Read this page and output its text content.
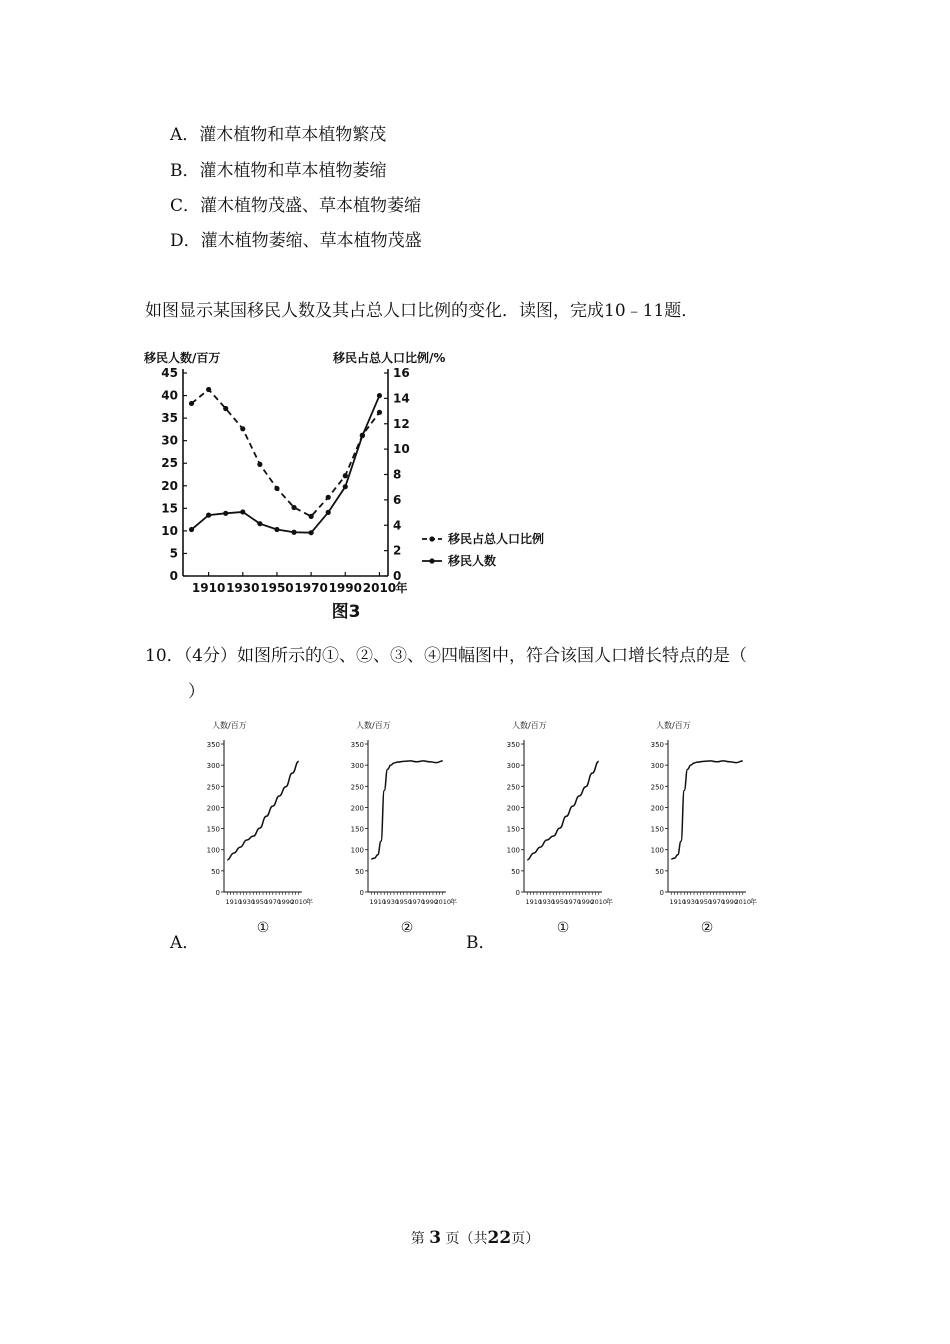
A．灌木植物和草本植物繁茂
B．灌木植物和草本植物萎缩
C．灌木植物茂盛、草本植物萎缩
D．灌木植物萎缩、草本植物茂盛
如图显示某国移民人数及其占总人口比例的变化．读图，完成10﹣11题．
移民人数/百万	移民占总人口比例/%
0
5
10
15
20
25
30
35
40
45
0
2
4
6
8
10
12
14
16
1910 1930 1950 1970 1990 2010 年
移民占总人口比例
移民人数
图3
10．（4分）如图所示的①、②、③、④四幅图中，符合该国人口增长特点的是（
）
人数/百万
0
50
100
150
200
250
300
350
1910
1930
1950
1970
1990
2010
年
①
人数/百万
0
50
100
150
200
250
300
350
1910
1930
1950
1970
1990
2010
年
②
人数/百万
0
50
100
150
200
250
300
350
1910
1930
1950
1970
1990
2010
年
①
人数/百万
0
50
100
150
200
250
300
350
1910
1930
1950
1970
1990
2010
年
②
A．	B．
第 3 页（共22页）
